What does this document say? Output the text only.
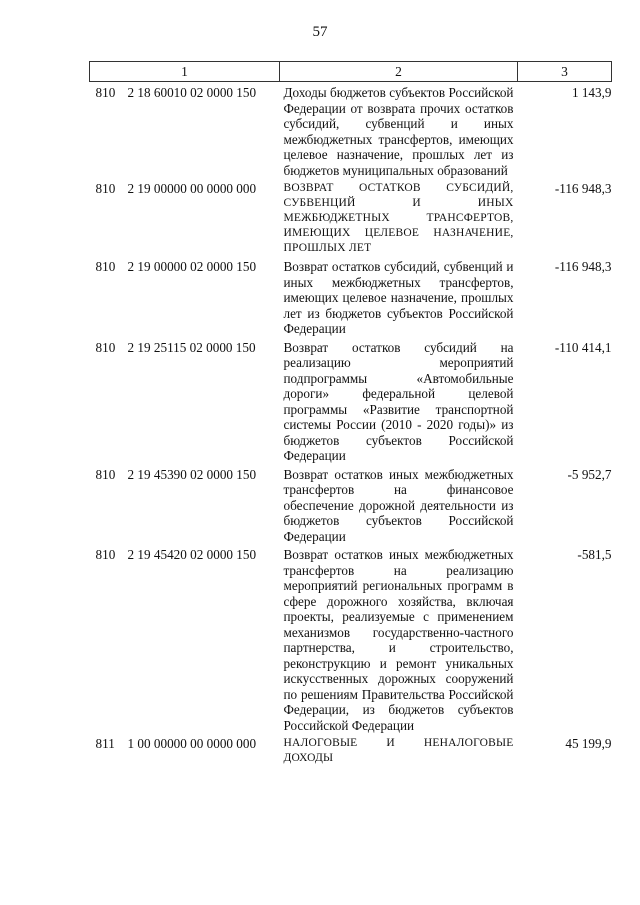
57
1	2	3
810 2 18 60010 02 0000 150	Доходы бюджетов субъектов Российской Федерации от возврата прочих остатков субсидий, субвенций и иных межбюджетных трансфертов, имеющих целевое назначение, прошлых лет из бюджетов муниципальных образований	1 143,9
810 2 19 00000 00 0000 000	ВОЗВРАТ ОСТАТКОВ СУБСИДИЙ, СУБВЕНЦИЙ И ИНЫХ МЕЖБЮДЖЕТНЫХ ТРАНСФЕРТОВ, ИМЕЮЩИХ ЦЕЛЕВОЕ НАЗНАЧЕНИЕ, ПРОШЛЫХ ЛЕТ	-116 948,3
810 2 19 00000 02 0000 150	Возврат остатков субсидий, субвенций и иных межбюджетных трансфертов, имеющих целевое назначение, прошлых лет из бюджетов субъектов Российской Федерации	-116 948,3
810 2 19 25115 02 0000 150	Возврат остатков субсидий на реализацию мероприятий подпрограммы «Автомобильные дороги» федеральной целевой программы «Развитие транспортной системы России (2010 - 2020 годы)» из бюджетов субъектов Российской Федерации	-110 414,1
810 2 19 45390 02 0000 150	Возврат остатков иных межбюджетных трансфертов на финансовое обеспечение дорожной деятельности из бюджетов субъектов Российской Федерации	-5 952,7
810 2 19 45420 02 0000 150	Возврат остатков иных межбюджетных трансфертов на реализацию мероприятий региональных программ в сфере дорожного хозяйства, включая проекты, реализуемые с применением механизмов государственно-частного партнерства, и строительство, реконструкцию и ремонт уникальных искусственных дорожных сооружений по решениям Правительства Российской Федерации, из бюджетов субъектов Российской Федерации	-581,5
811 1 00 00000 00 0000 000	НАЛОГОВЫЕ И НЕНАЛОГОВЫЕ ДОХОДЫ	45 199,9
